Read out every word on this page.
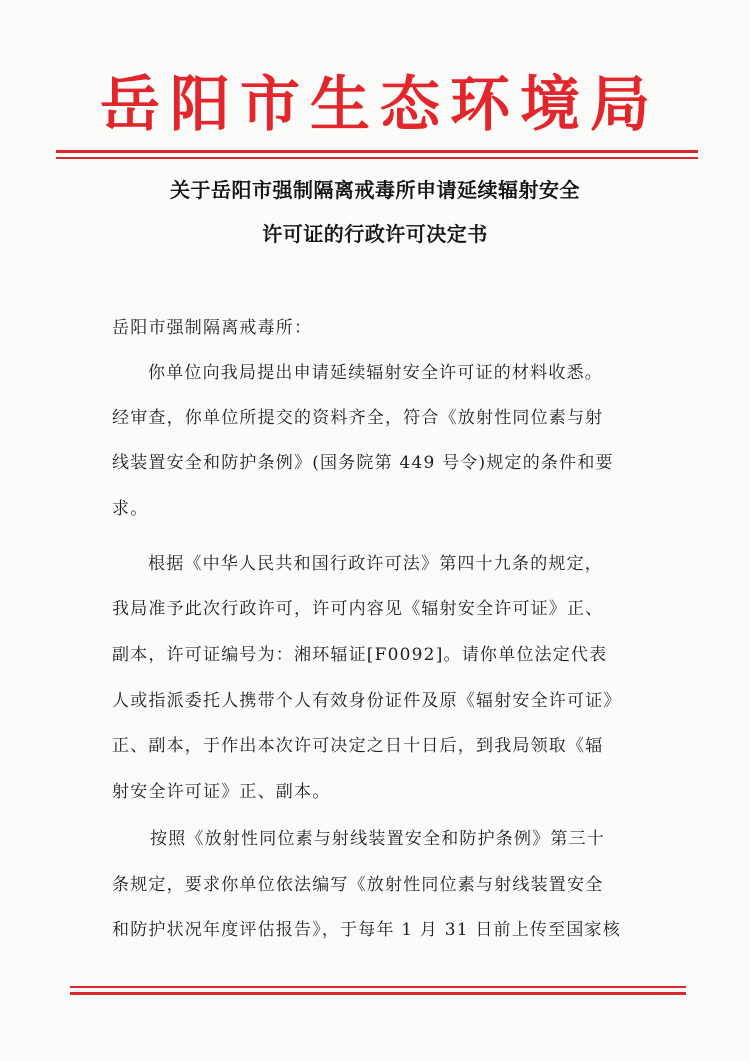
岳阳市生态环境局
关于岳阳市强制隔离戒毒所申请延续辐射安全
许可证的行政许可决定书
岳阳市强制隔离戒毒所：
你单位向我局提出申请延续辐射安全许可证的材料收悉。
经审查，你单位所提交的资料齐全，符合《放射性同位素与射
线装置安全和防护条例》(国务院第 449 号令)规定的条件和要
求。
根据《中华人民共和国行政许可法》第四十九条的规定，
我局准予此次行政许可，许可内容见《辐射安全许可证》正、
副本，许可证编号为：湘环辐证[F0092]。请你单位法定代表
人或指派委托人携带个人有效身份证件及原《辐射安全许可证》
正、副本，于作出本次许可决定之日十日后，到我局领取《辐
射安全许可证》正、副本。
按照《放射性同位素与射线装置安全和防护条例》第三十
条规定，要求你单位依法编写《放射性同位素与射线装置安全
和防护状况年度评估报告》，于每年 1 月 31 日前上传至国家核
